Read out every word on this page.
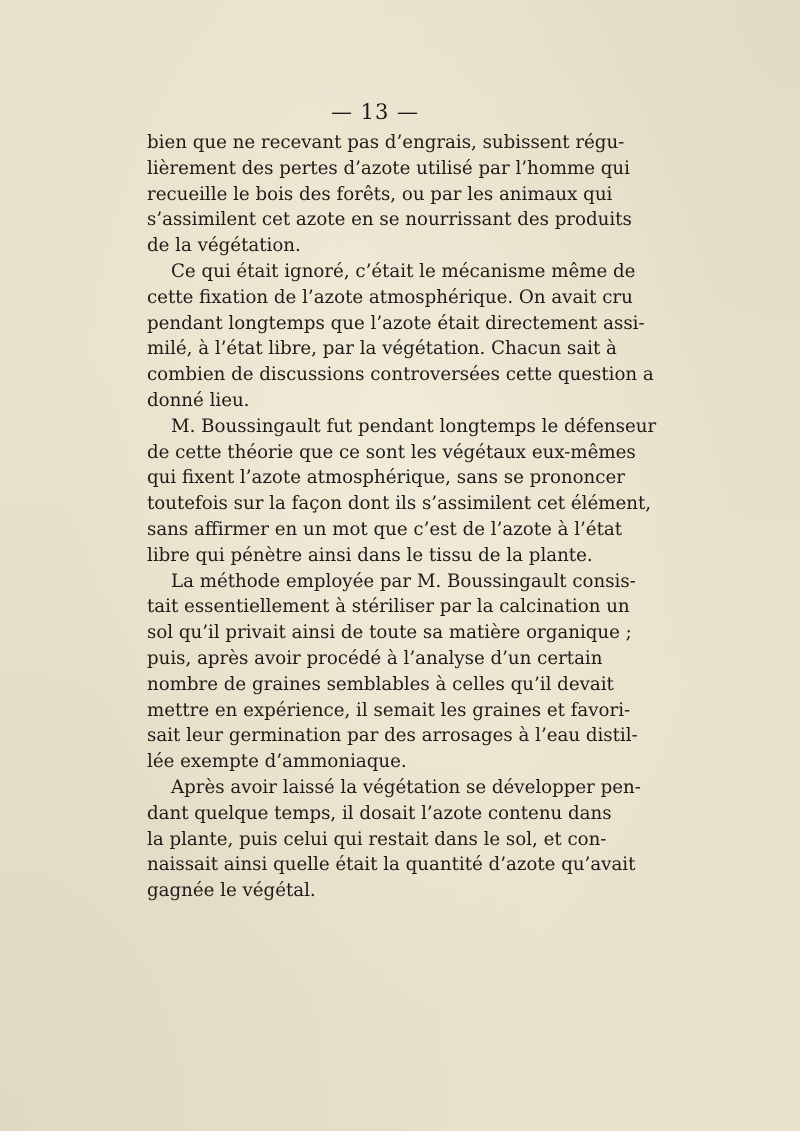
— 13 —
bien que ne recevant pas d’engrais, subissent régu-
lièrement des pertes d’azote utilisé par l’homme qui
recueille le bois des forêts, ou par les animaux qui
s’assimilent cet azote en se nourrissant des produits
de la végétation.
Ce qui était ignoré, c’était le mécanisme même de
cette fixation de l’azote atmosphérique. On avait cru
pendant longtemps que l’azote était directement assi-
milé, à l’état libre, par la végétation. Chacun sait à
combien de discussions controversées cette question a
donné lieu.
M. Boussingault fut pendant longtemps le défenseur
de cette théorie que ce sont les végétaux eux-mêmes
qui fixent l’azote atmosphérique, sans se prononcer
toutefois sur la façon dont ils s’assimilent cet élément,
sans affirmer en un mot que c’est de l’azote à l’état
libre qui pénètre ainsi dans le tissu de la plante.
La méthode employée par M. Boussingault consis-
tait essentiellement à stériliser par la calcination un
sol qu’il privait ainsi de toute sa matière organique ;
puis, après avoir procédé à l’analyse d’un certain
nombre de graines semblables à celles qu’il devait
mettre en expérience, il semait les graines et favori-
sait leur germination par des arrosages à l’eau distil-
lée exempte d’ammoniaque.
Après avoir laissé la végétation se développer pen-
dant quelque temps, il dosait l’azote contenu dans
la plante, puis celui qui restait dans le sol, et con-
naissait ainsi quelle était la quantité d’azote qu’avait
gagnée le végétal.
